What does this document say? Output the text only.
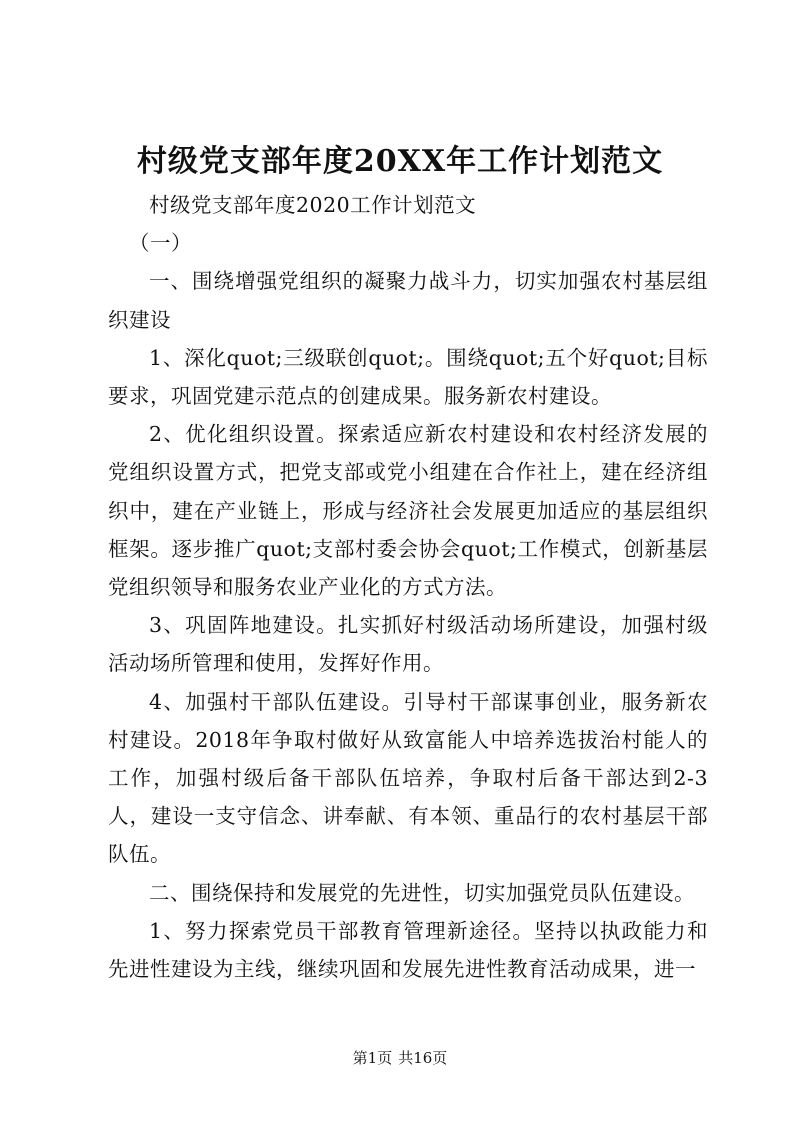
村级党支部年度20XX年工作计划范文

村级党支部年度2020工作计划范文

（一）

一、围绕增强党组织的凝聚力战斗力，切实加强农村基层组织建设

1、深化quot;三级联创quot;。围绕quot;五个好quot;目标要求，巩固党建示范点的创建成果。服务新农村建设。

2、优化组织设置。探索适应新农村建设和农村经济发展的党组织设置方式，把党支部或党小组建在合作社上，建在经济组织中，建在产业链上，形成与经济社会发展更加适应的基层组织框架。逐步推广quot;支部村委会协会quot;工作模式，创新基层党组织领导和服务农业产业化的方式方法。

3、巩固阵地建设。扎实抓好村级活动场所建设，加强村级活动场所管理和使用，发挥好作用。

4、加强村干部队伍建设。引导村干部谋事创业，服务新农村建设。2018年争取村做好从致富能人中培养选拔治村能人的工作，加强村级后备干部队伍培养，争取村后备干部达到2-3人，建设一支守信念、讲奉献、有本领、重品行的农村基层干部队伍。

二、围绕保持和发展党的先进性，切实加强党员队伍建设。

1、努力探索党员干部教育管理新途径。坚持以执政能力和先进性建设为主线，继续巩固和发展先进性教育活动成果，进一

第1页 共16页
